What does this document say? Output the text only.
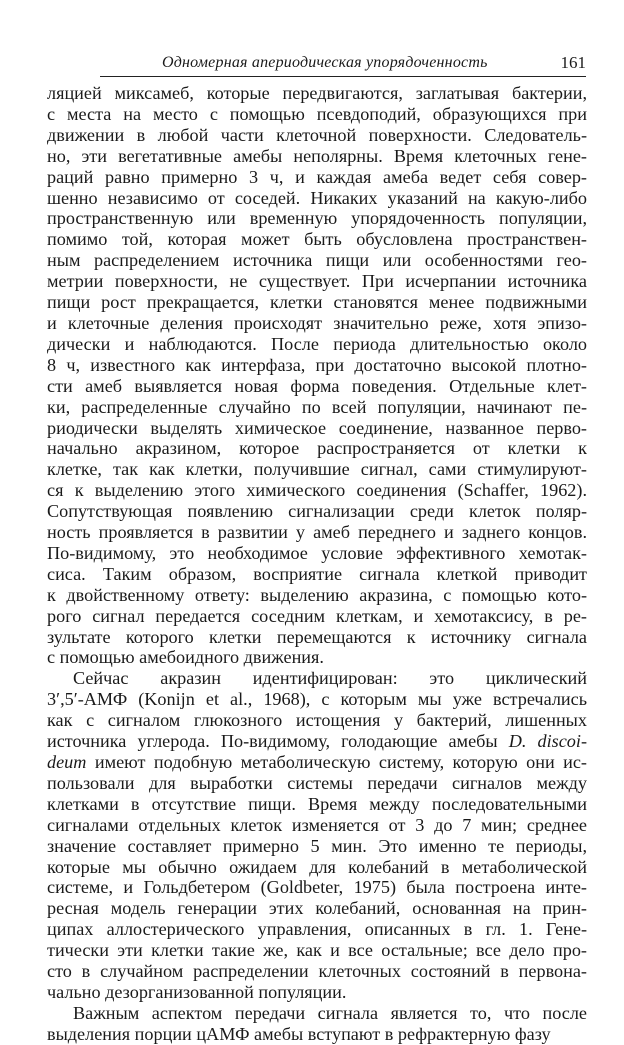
Одномерная апериодическая упорядоченность	161
ляцией миксамеб, которые передвигаются, заглатывая бактерии,
с места на место с помощью псевдоподий, образующихся при
движении в любой части клеточной поверхности. Следователь-
но, эти вегетативные амебы неполярны. Время клеточных гене-
раций равно примерно 3 ч, и каждая амеба ведет себя совер-
шенно независимо от соседей. Никаких указаний на какую-либо
пространственную или временную упорядоченность популяции,
помимо той, которая может быть обусловлена пространствен-
ным распределением источника пищи или особенностями гео-
метрии поверхности, не существует. При исчерпании источника
пищи рост прекращается, клетки становятся менее подвижными
и клеточные деления происходят значительно реже, хотя эпизо-
дически и наблюдаются. После периода длительностью около
8 ч, известного как интерфаза, при достаточно высокой плотно-
сти амеб выявляется новая форма поведения. Отдельные клет-
ки, распределенные случайно по всей популяции, начинают пе-
риодически выделять химическое соединение, названное перво-
начально акразином, которое распространяется от клетки к
клетке, так как клетки, получившие сигнал, сами стимулируют-
ся к выделению этого химического соединения (Schaffer, 1962).
Сопутствующая появлению сигнализации среди клеток поляр-
ность проявляется в развитии у амеб переднего и заднего концов.
По-видимому, это необходимое условие эффективного хемотак-
сиса. Таким образом, восприятие сигнала клеткой приводит
к двойственному ответу: выделению акразина, с помощью кото-
рого сигнал передается соседним клеткам, и хемотаксису, в ре-
зультате которого клетки перемещаются к источнику сигнала
с помощью амебоидного движения.
Сейчас акразин идентифицирован: это циклический
3′,5′-АМФ (Konijn et al., 1968), с которым мы уже встречались
как с сигналом глюкозного истощения у бактерий, лишенных
источника углерода. По-видимому, голодающие амебы D. discoi-
deum имеют подобную метаболическую систему, которую они ис-
пользовали для выработки системы передачи сигналов между
клетками в отсутствие пищи. Время между последовательными
сигналами отдельных клеток изменяется от 3 до 7 мин; среднее
значение составляет примерно 5 мин. Это именно те периоды,
которые мы обычно ожидаем для колебаний в метаболической
системе, и Гольдбетером (Goldbeter, 1975) была построена инте-
ресная модель генерации этих колебаний, основанная на прин-
ципах аллостерического управления, описанных в гл. 1. Гене-
тически эти клетки такие же, как и все остальные; все дело про-
сто в случайном распределении клеточных состояний в первона-
чально дезорганизованной популяции.
Важным аспектом передачи сигнала является то, что после
выделения порции цАМФ амебы вступают в рефрактерную фазу
